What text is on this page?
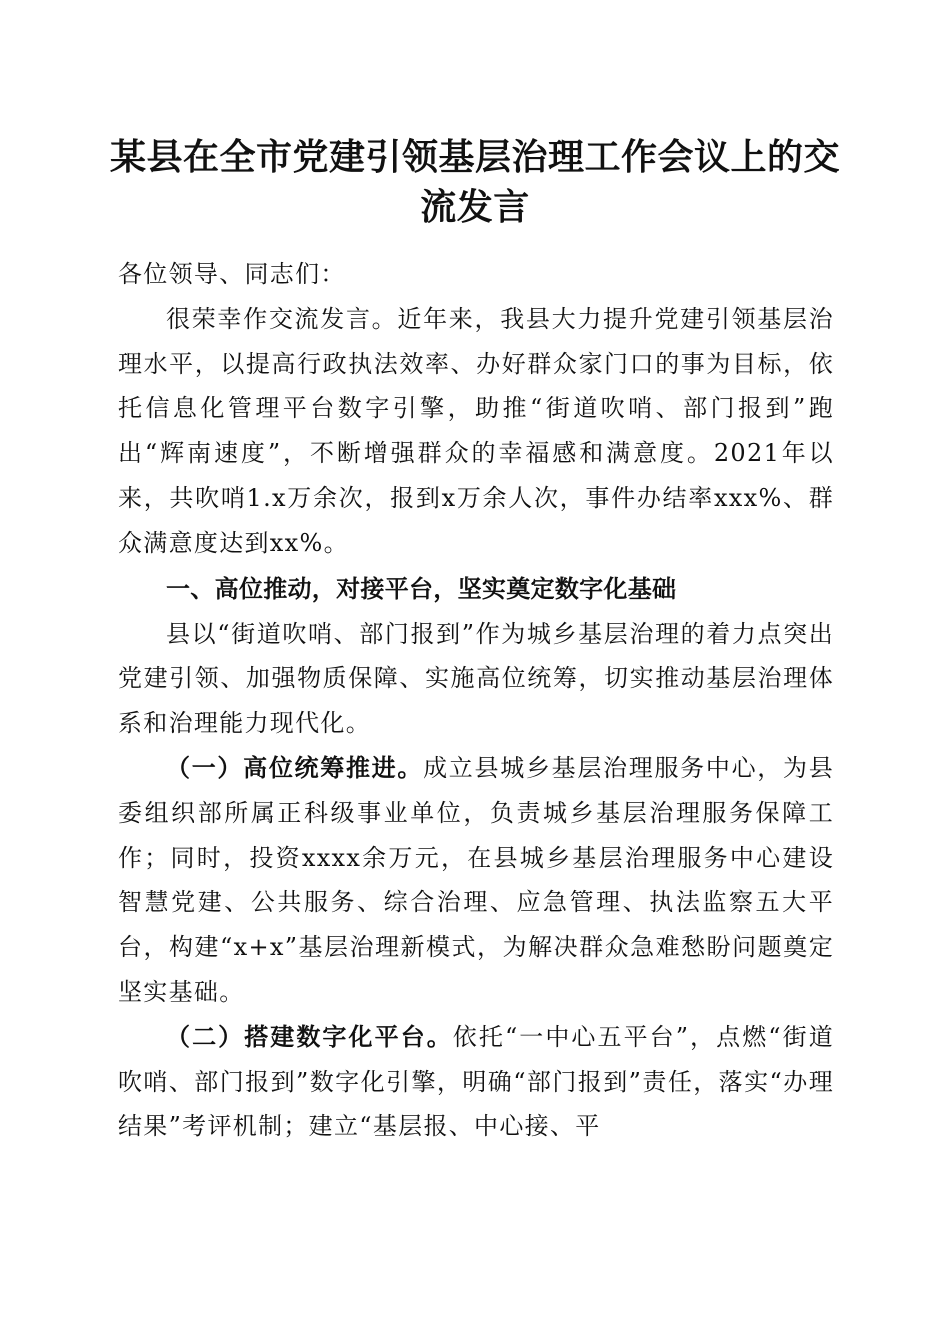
某县在全市党建引领基层治理工作会议上的交
流发言

各位领导、同志们：

很荣幸作交流发言。近年来，我县大力提升党建引领基层治理水平，以提高行政执法效率、办好群众家门口的事为目标，依托信息化管理平台数字引擎，助推“街道吹哨、部门报到”跑出“辉南速度”，不断增强群众的幸福感和满意度。2021年以来，共吹哨1.x万余次，报到x万余人次，事件办结率xxx%、群众满意度达到xx%。

一、高位推动，对接平台，坚实奠定数字化基础

县以“街道吹哨、部门报到”作为城乡基层治理的着力点突出党建引领、加强物质保障、实施高位统筹，切实推动基层治理体系和治理能力现代化。

（一）高位统筹推进。成立县城乡基层治理服务中心，为县委组织部所属正科级事业单位，负责城乡基层治理服务保障工作；同时，投资xxxx余万元，在县城乡基层治理服务中心建设智慧党建、公共服务、综合治理、应急管理、执法监察五大平台，构建“x+x”基层治理新模式，为解决群众急难愁盼问题奠定坚实基础。

（二）搭建数字化平台。依托“一中心五平台”，点燃“街道吹哨、部门报到”数字化引擎，明确“部门报到”责任，落实“办理结果”考评机制；建立“基层报、中心接、平
